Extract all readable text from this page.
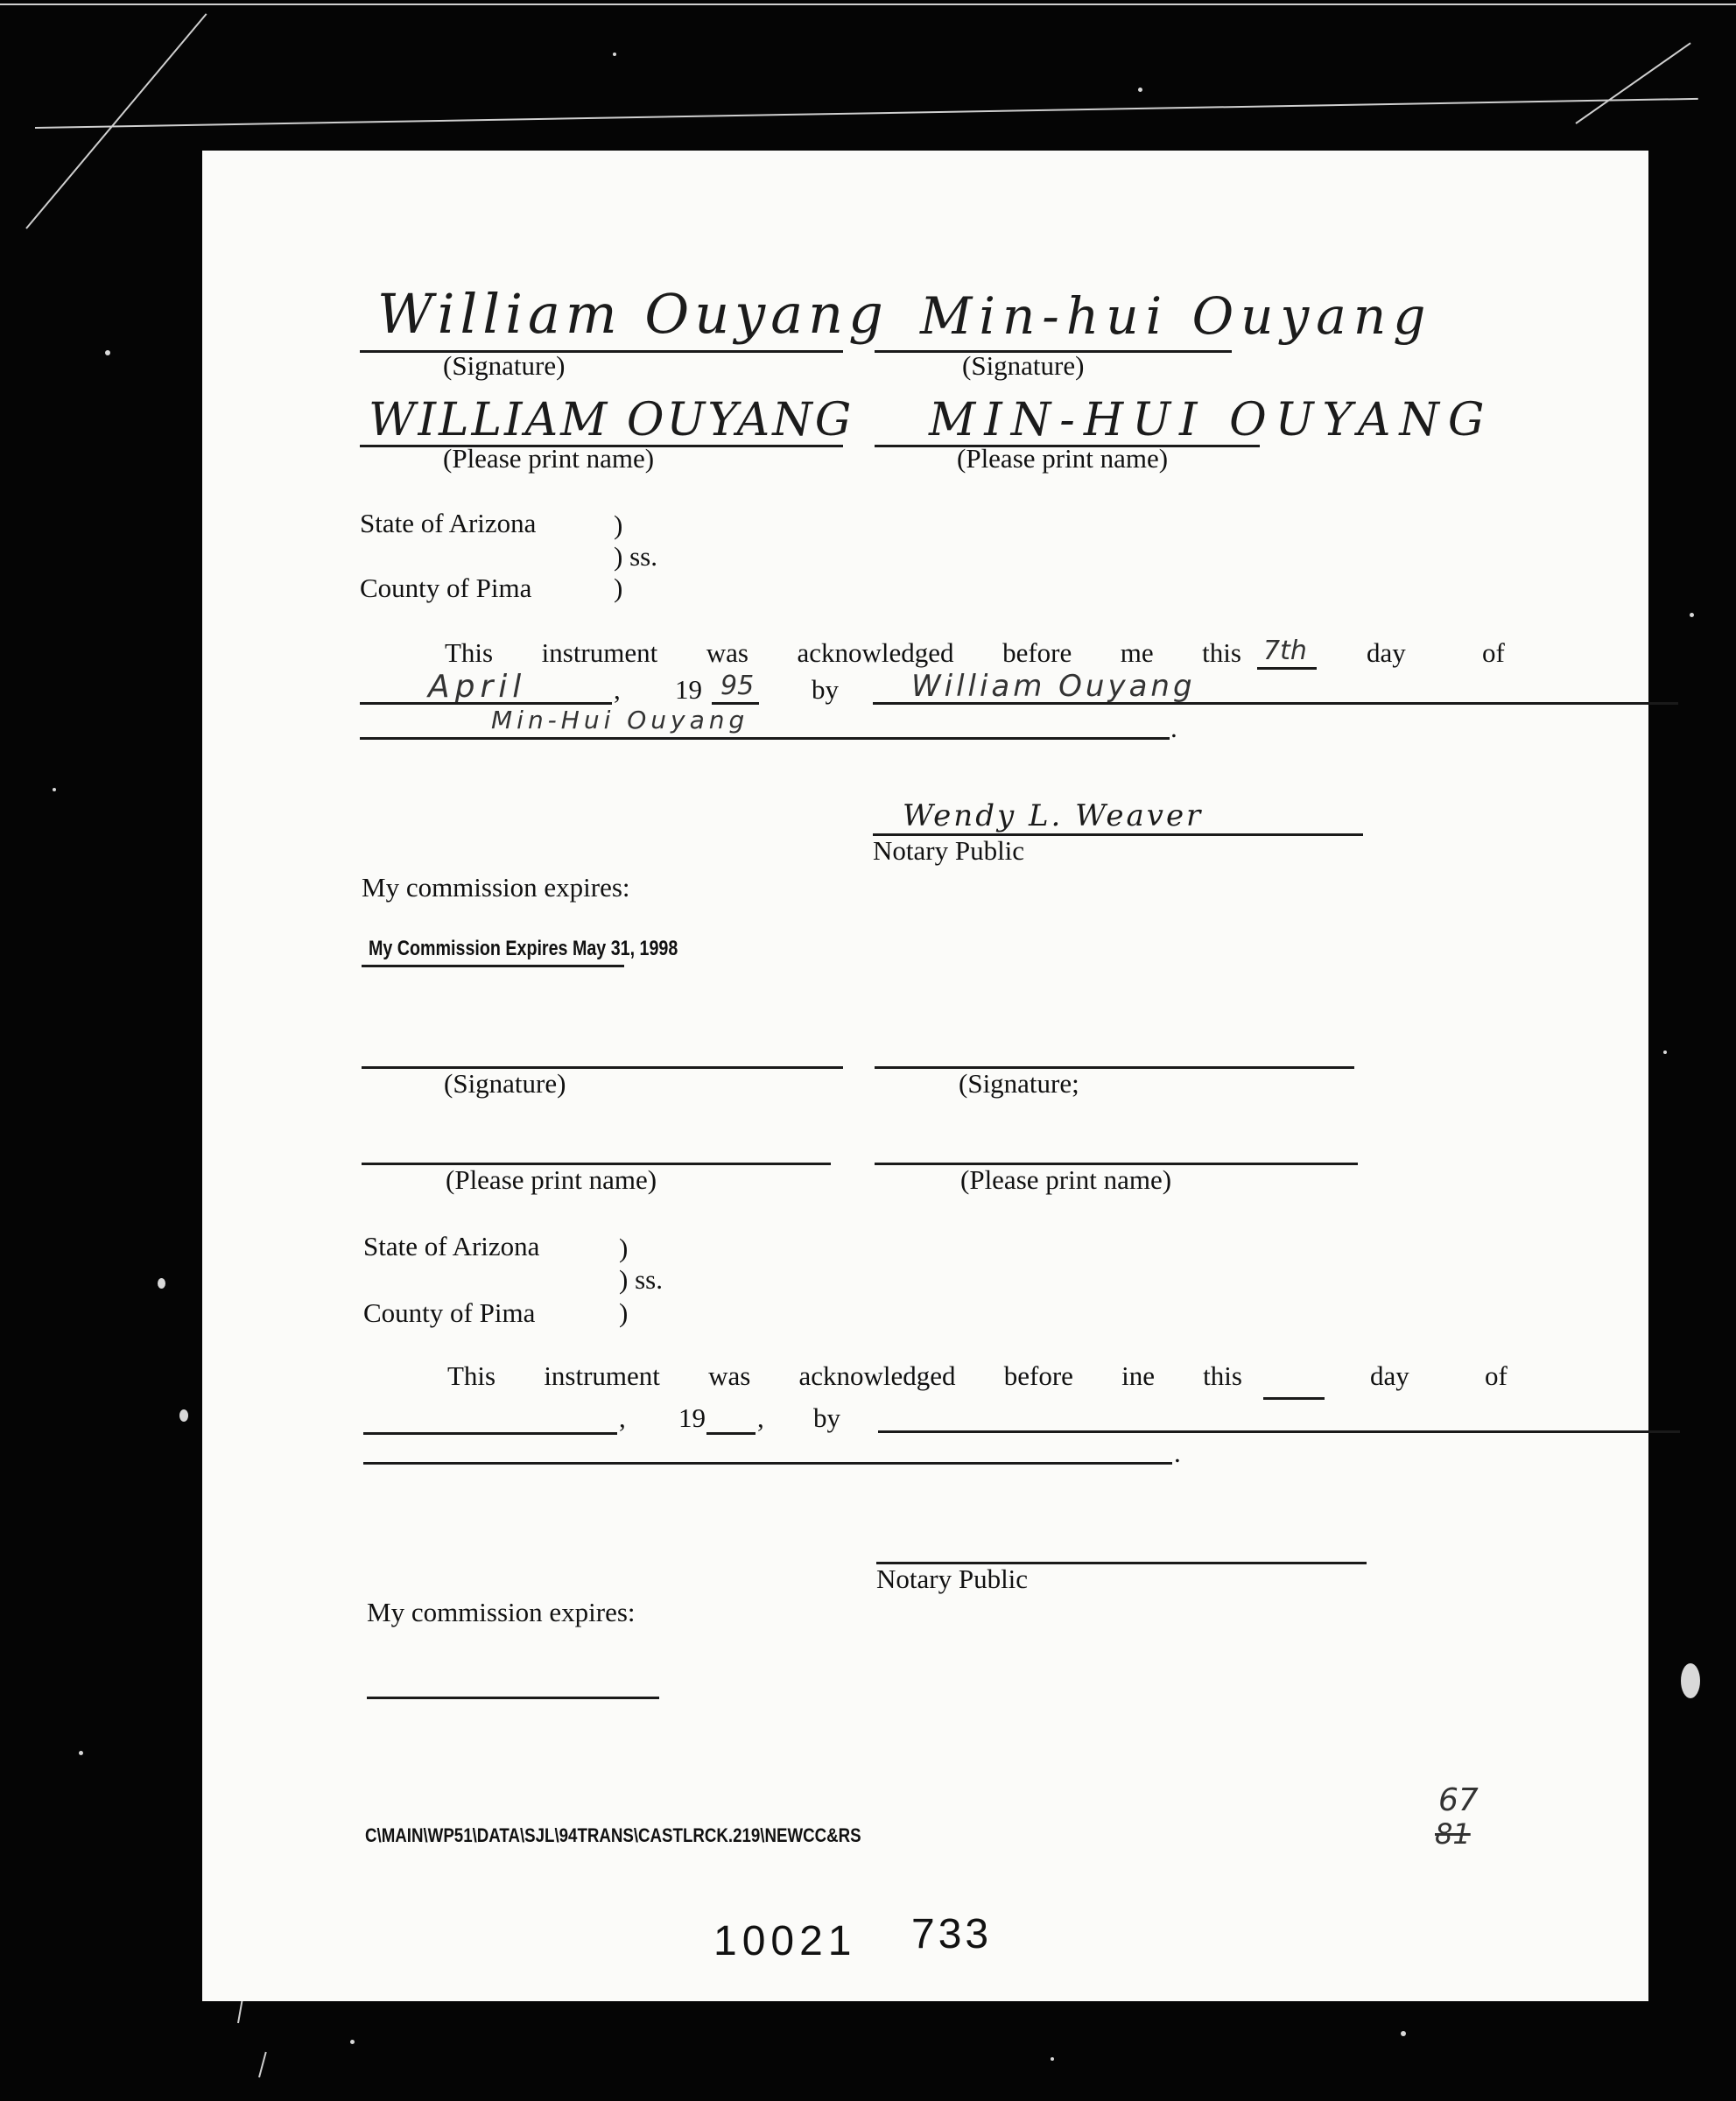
William Ouyang Min-hui Ouyang
(Signature)	(Signature)
WILLIAM OUYANG MIN-HUI OUYANG
(Please print name)	(Please print name)
State of Arizona	)
) ss.
County of Pima	)
This instrument was acknowledged before me this 7th day	of
April	, 19 95 by William Ouyang
Min-Hui Ouyang	.
Wendy L. Weaver
Notary Public
My commission expires:
My Commission Expires May 31, 1998
(Signature)	(Signature;
(Please print name)	(Please print name)
State of Arizona	)
) ss.
County of Pima	)
This instrument was acknowledged before ine this	day	of
, 19 , by
.
Notary Public
My commission expires:
C\MAIN\WP51\DATA\SJL\94TRANS\CASTLRCK.219\NEWCC&RS
67
81
10021 733
